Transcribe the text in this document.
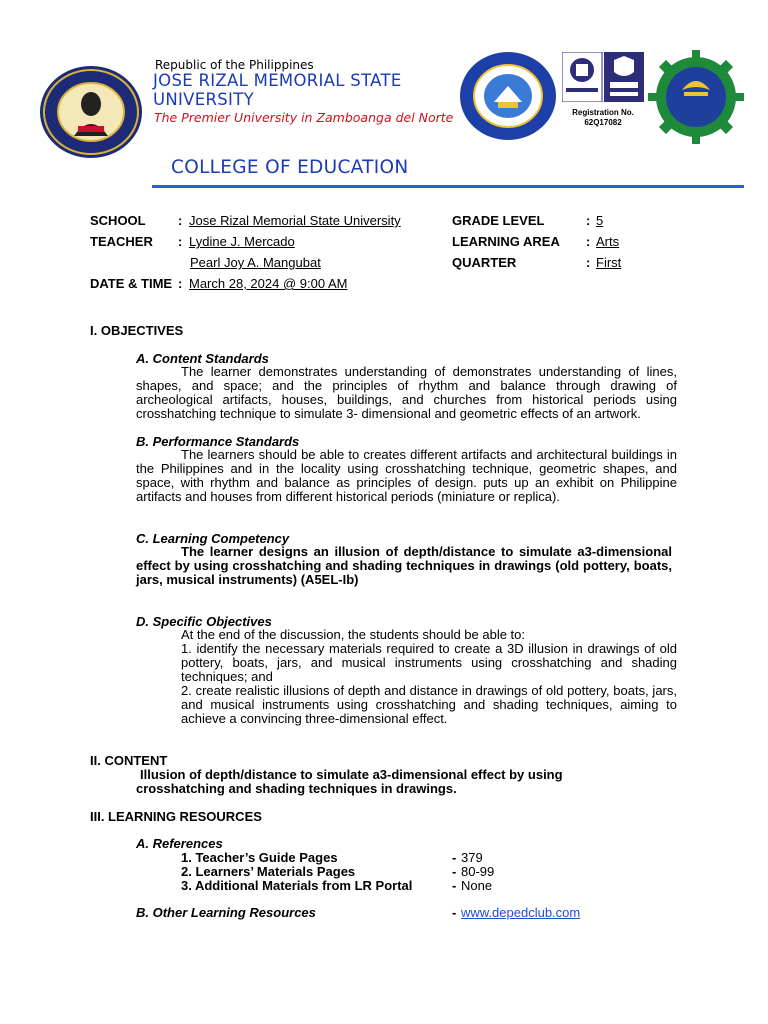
Republic of the Philippines
JOSE RIZAL MEMORIAL STATE UNIVERSITY
The Premier University in Zamboanga del Norte	Registration No.
62Q17082
COLLEGE OF EDUCATION
SCHOOL : Jose Rizal Memorial State University
TEACHER : Lydine J. Mercado
Pearl Joy A. Mangubat
DATE & TIME : March 28, 2024 @ 9:00 AM
GRADE LEVEL	: 5
LEARNING AREA : Arts
QUARTER	: First
I. OBJECTIVES
A. Content Standards
The learner demonstrates understanding of demonstrates understanding of lines, shapes, and space; and the principles of rhythm and balance through drawing of archeological artifacts, houses, buildings, and churches from historical periods using crosshatching technique to simulate 3- dimensional and geometric effects of an artwork.
B. Performance Standards
The learners should be able to creates different artifacts and architectural buildings in the Philippines and in the locality using crosshatching technique, geometric shapes, and space, with rhythm and balance as principles of design. puts up an exhibit on Philippine artifacts and houses from different historical periods (miniature or replica).
C. Learning Competency
The learner designs an illusion of depth/distance to simulate a3-dimensional effect by using crosshatching and shading techniques in drawings (old pottery, boats, jars, musical instruments) (A5EL-Ib)
D. Specific Objectives
At the end of the discussion, the students should be able to:
1. identify the necessary materials required to create a 3D illusion in drawings of old pottery, boats, jars, and musical instruments using crosshatching and shading techniques; and
2. create realistic illusions of depth and distance in drawings of old pottery, boats, jars, and musical instruments using crosshatching and shading techniques, aiming to achieve a convincing three-dimensional effect.
II. CONTENT
Illusion of depth/distance to simulate a3-dimensional effect by using crosshatching and shading techniques in drawings.
III. LEARNING RESOURCES
A. References
1. Teacher’s Guide Pages	- 379
2. Learners’ Materials Pages	- 80-99
3. Additional Materials from LR Portal	- None
B. Other Learning Resources	- www.depedclub.com
